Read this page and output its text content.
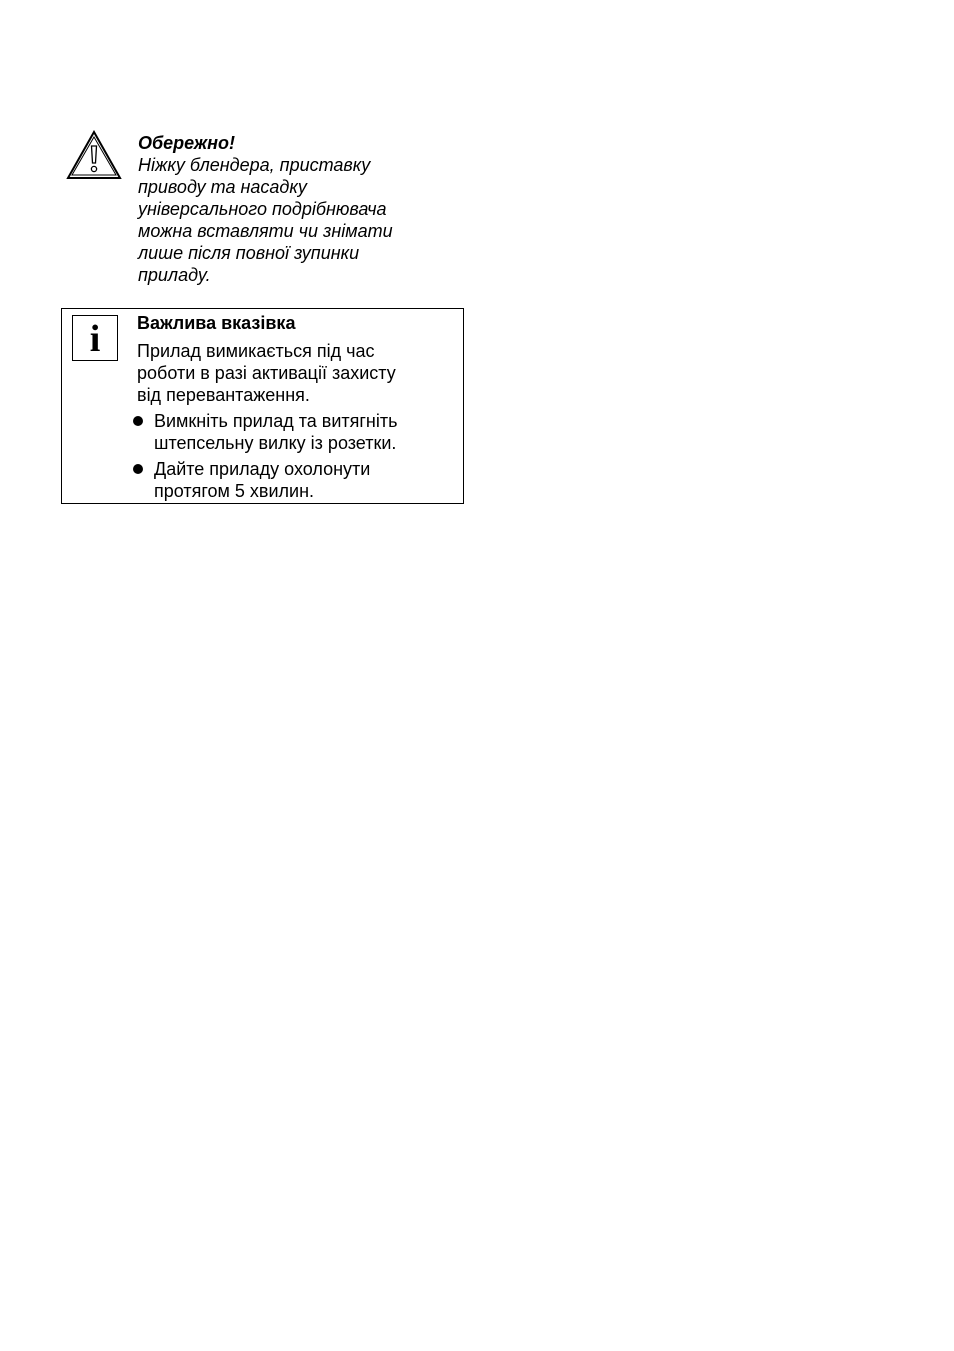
Обережно!

Ніжку блендера, приставку
приводу та насадку
універсального подрібнювача
можна вставляти чи знімати
лише після повної зупинки
приладу.

i Важлива вказівка

Прилад вимикається під час
роботи в разі активації захисту
від перевантаження.

Вимкніть прилад та витягніть
штепсельну вилку із розетки.
Дайте приладу охолонути
протягом 5 хвилин.
